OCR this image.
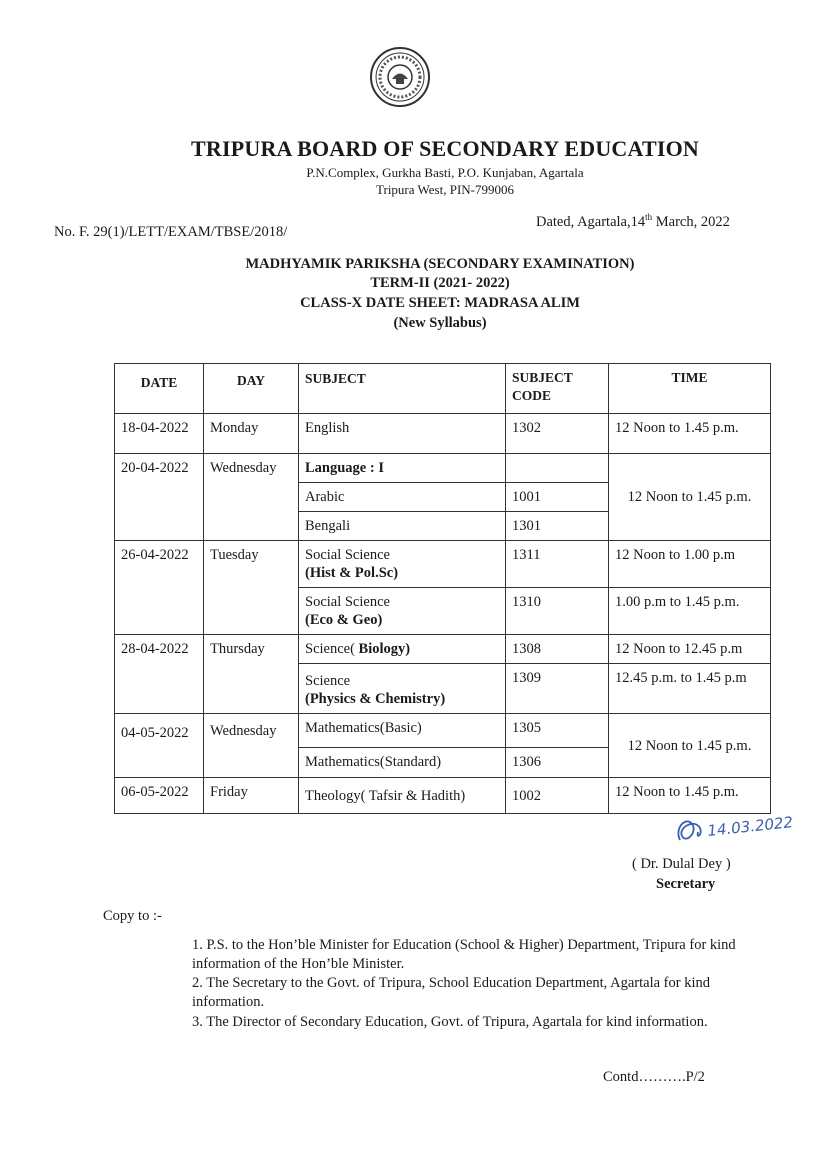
TRIPURA BOARD OF SECONDARY EDUCATION
P.N.Complex, Gurkha Basti, P.O. Kunjaban, Agartala
Tripura West, PIN-799006
No. F. 29(1)/LETT/EXAM/TBSE/2018/
Dated, Agartala,14th March, 2022
MADHYAMIK PARIKSHA (SECONDARY EXAMINATION)
TERM-II (2021- 2022)
CLASS-X DATE SHEET: MADRASA ALIM
(New Syllabus)
DATE	DAY	SUBJECT	SUBJECT
CODE	TIME
18-04-2022	Monday	English	1302	12 Noon to 1.45 p.m.
20-04-2022	Wednesday	Language : I		12 Noon to 1.45 p.m.
		Arabic	1001	
		Bengali	1301	
26-04-2022	Tuesday	Social Science
(Hist & Pol.Sc)	1311	12 Noon to 1.00 p.m
		Social Science
(Eco & Geo)	1310	1.00 p.m to 1.45 p.m.
28-04-2022	Thursday	Science( Biology)	1308	12 Noon to 12.45 p.m
		Science
(Physics & Chemistry)	1309	12.45 p.m. to 1.45 p.m
04-05-2022	Wednesday	Mathematics(Basic)	1305	12 Noon to 1.45 p.m.
		Mathematics(Standard)	1306	
06-05-2022	Friday	Theology( Tafsir & Hadith)	1002	12 Noon to 1.45 p.m.
14.03.2022
( Dr. Dulal Dey )
Secretary
Copy to :-
1. P.S. to the Hon’ble Minister for Education (School & Higher) Department, Tripura for kind information of the Hon’ble Minister.
2. The Secretary to the Govt. of Tripura, School Education Department, Agartala for kind information.
3. The Director of Secondary Education, Govt. of Tripura, Agartala for kind information.
Contd……….P/2
